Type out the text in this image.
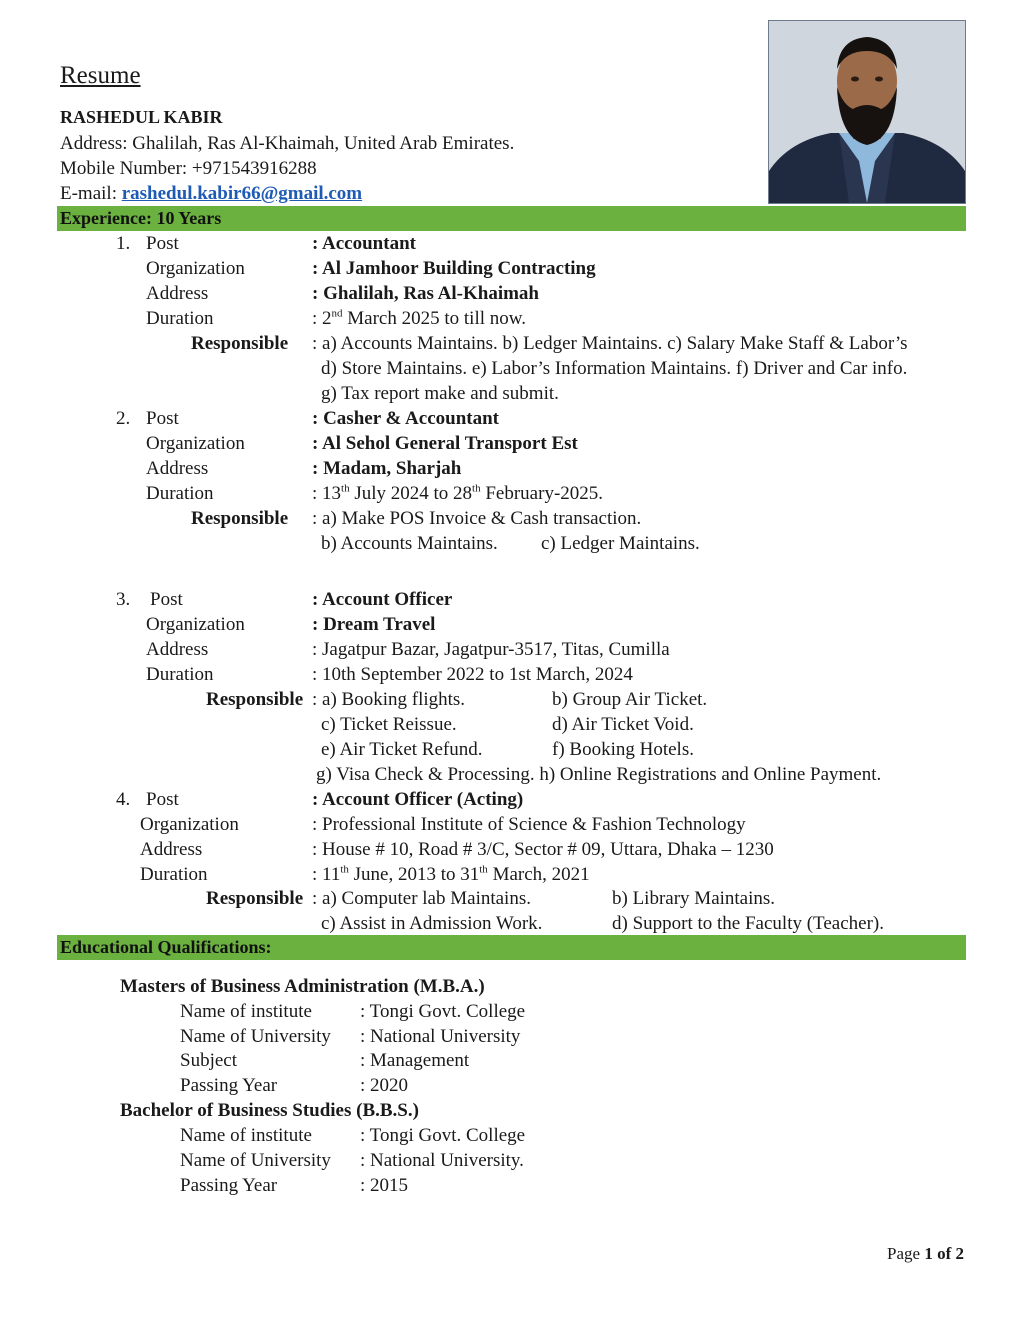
Resume
RASHEDUL KABIR
Address: Ghalilah, Ras Al-Khaimah, United Arab Emirates.
Mobile Number: +971543916288
E-mail: rashedul.kabir66@gmail.com
Experience: 10 Years
1. Post	: Accountant
Organization	: Al Jamhoor Building Contracting
Address	: Ghalilah, Ras Al-Khaimah
Duration	: 2nd March 2025 to till now.
Responsible : a) Accounts Maintains. b) Ledger Maintains. c) Salary Make Staff & Labor’s
d) Store Maintains. e) Labor’s Information Maintains. f) Driver and Car info.
g) Tax report make and submit.
2. Post	: Casher & Accountant
Organization	: Al Sehol General Transport Est
Address	: Madam, Sharjah
Duration	: 13th July 2024 to 28th February-2025.
Responsible : a) Make POS Invoice & Cash transaction.
b) Accounts Maintains. c) Ledger Maintains.
3. Post	: Account Officer
Organization	: Dream Travel
Address	: Jagatpur Bazar, Jagatpur-3517, Titas, Cumilla
Duration	: 10th September 2022 to 1st March, 2024
Responsible : a) Booking flights.	b) Group Air Ticket.
c) Ticket Reissue.	d) Air Ticket Void.
e) Air Ticket Refund.	f) Booking Hotels.
g) Visa Check & Processing. h) Online Registrations and Online Payment.
4. Post	: Account Officer (Acting)
Organization	: Professional Institute of Science & Fashion Technology
Address	: House # 10, Road # 3/C, Sector # 09, Uttara, Dhaka – 1230
Duration	: 11th June, 2013 to 31th March, 2021
Responsible : a) Computer lab Maintains.	b) Library Maintains.
c) Assist in Admission Work.	d) Support to the Faculty (Teacher).
Educational Qualifications:
Masters of Business Administration (M.B.A.)
Name of institute	: Tongi Govt. College
Name of University : National University
Subject	: Management
Passing Year	: 2020
Bachelor of Business Studies (B.B.S.)
Name of institute	: Tongi Govt. College
Name of University : National University.
Passing Year	: 2015
Page 1 of 2
